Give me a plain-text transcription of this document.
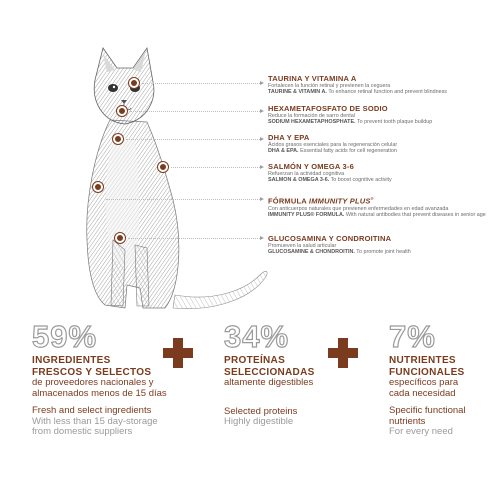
TAURINA Y VITAMINA A
Fortalecen la función retinal y previenen la ceguera
TAURINE & VITAMIN A. To enhance retinal function and prevent blindness
HEXAMETAFOSFATO DE SODIO
Reduce la formación de sarro dental
SODIUM HEXAMETAPHOSPHATE. To prevent tooth plaque buildup
DHA Y EPA
Ácidos grasos esenciales para la regeneración celular
DHA & EPA. Essential fatty acids for cell regeneration
SALMÓN Y OMEGA 3-6
Refuerzan la actividad cognitiva
SALMON & OMEGA 3-6. To boost cognitive activity
FÓRMULA IMMUNITY PLUS®
Con anticuerpos naturales que previenen enfermedades en edad avanzada
IMMUNITY PLUS® FORMULA. With natural antibodies that prevent diseases in senior age
GLUCOSAMINA Y CONDROITINA
Promueven la salud articular
GLUCOSAMINE & CHONDROITIN. To promote joint health
59%
INGREDIENTES
FRESCOS Y SELECTOS
de proveedores nacionales y
almacenados menos de 15 días
Fresh and select ingredients
With less than 15 day-storage
from domestic suppliers
34%
PROTEÍNAS
SELECCIONADAS
altamente digestibles
Selected proteins
Highly digestible
7%
NUTRIENTES
FUNCIONALES
específicos para
cada necesidad
Specific functional
nutrients
For every need
